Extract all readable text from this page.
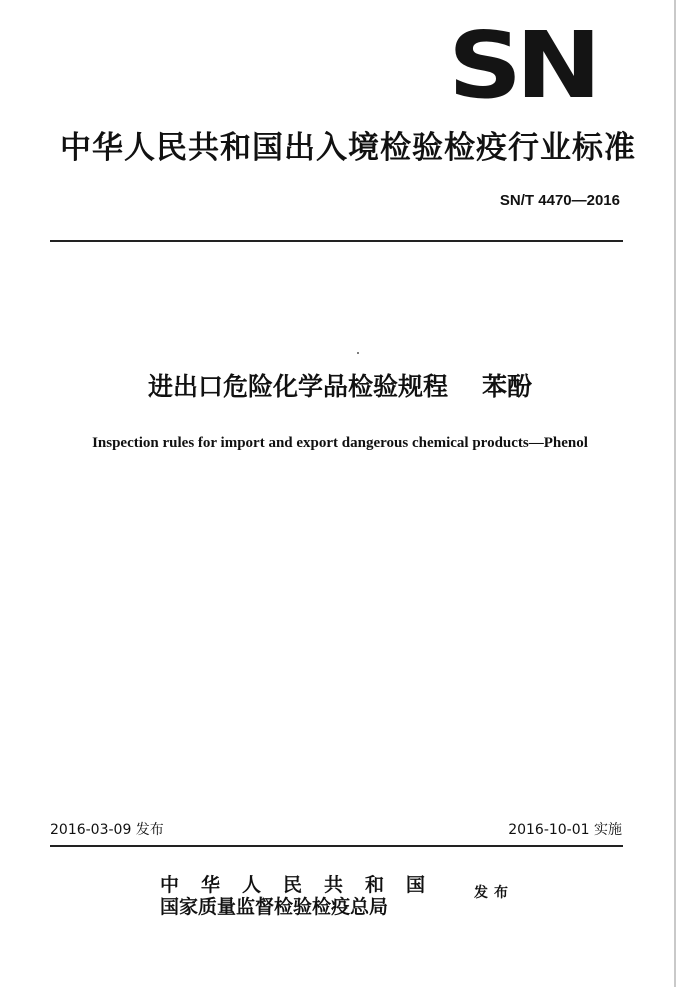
SN
中华人民共和国出入境检验检疫行业标准
SN/T 4470—2016
进出口危险化学品检验规程 苯酚
Inspection rules for import and export dangerous chemical products—Phenol
2016-03-09 发布	2016-10-01 实施
中华人民共和国
国家质量监督检验检疫总局
发布
